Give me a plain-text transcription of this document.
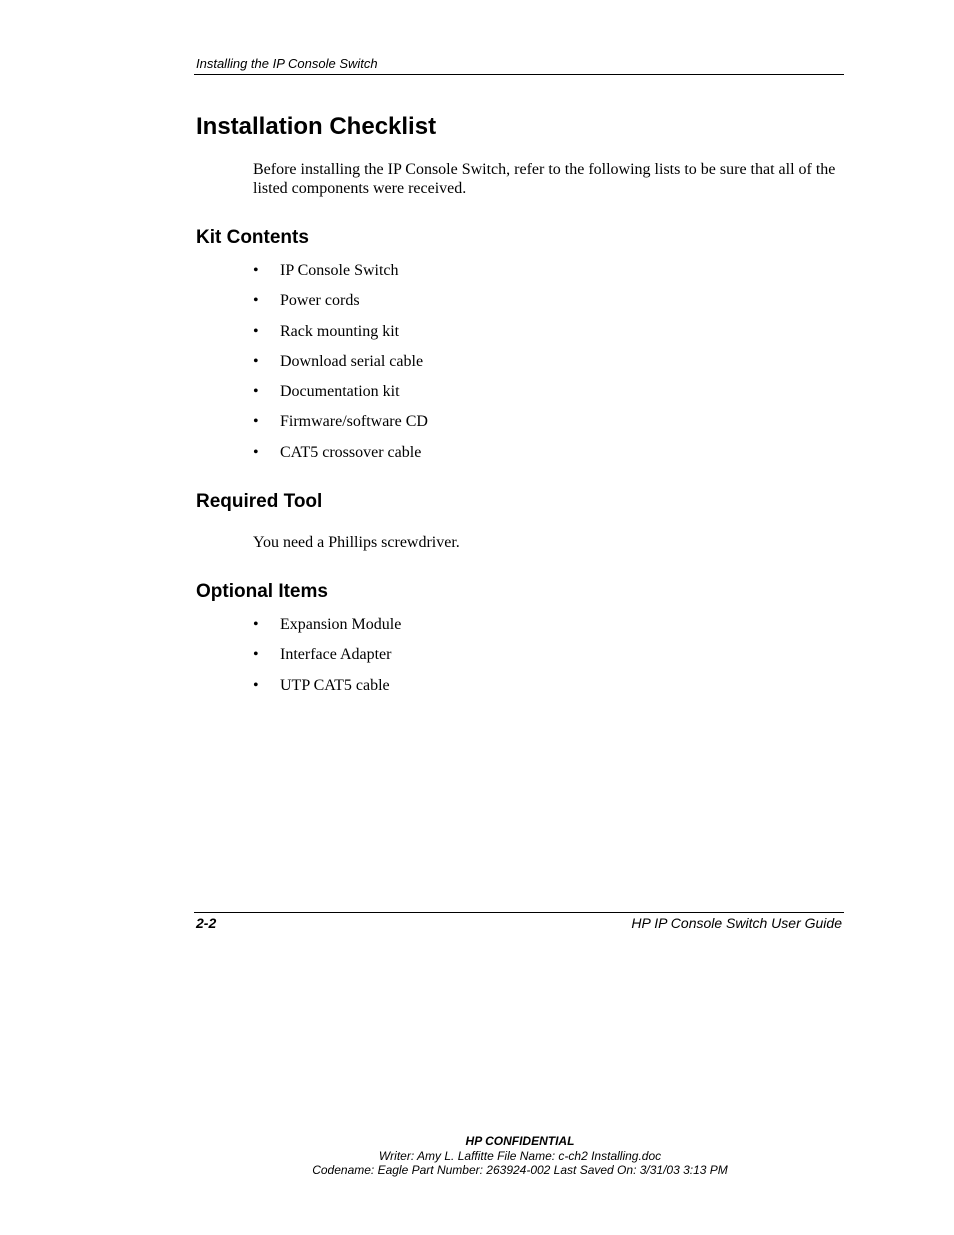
Installing the IP Console Switch
Installation Checklist

Before installing the IP Console Switch, refer to the following lists to be sure that all of the listed components were received.

Kit Contents
• IP Console Switch
• Power cords
• Rack mounting kit
• Download serial cable
• Documentation kit
• Firmware/software CD
• CAT5 crossover cable
Required Tool

You need a Phillips screwdriver.

Optional Items
• Expansion Module
• Interface Adapter
• UTP CAT5 cable
2-2	HP IP Console Switch User Guide
HP CONFIDENTIAL
Writer: Amy L. Laffitte File Name: c-ch2 Installing.doc
Codename: Eagle Part Number: 263924-002 Last Saved On: 3/31/03 3:13 PM
